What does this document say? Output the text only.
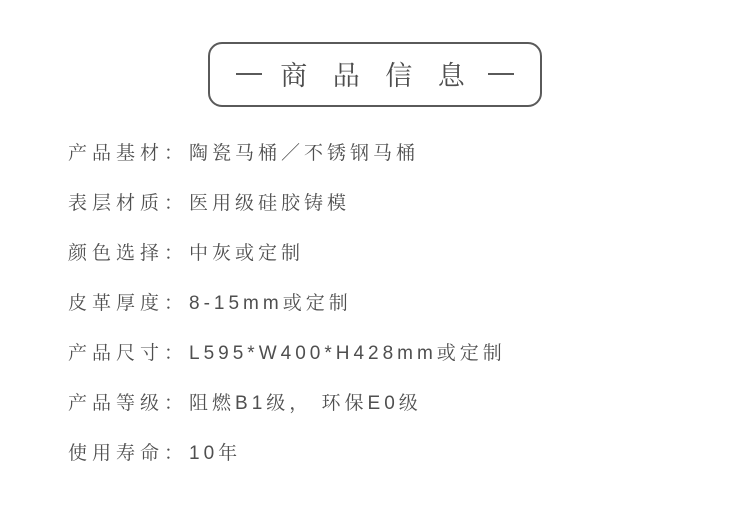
商 品 信 息
产品基材 ： 陶瓷马桶／不锈钢马桶
表层材质 ： 医用级硅胶铸模
颜色选择 ： 中灰或定制
皮革厚度 ： 8-15mm或定制
产品尺寸 ： L595*W400*H428mm或定制
产品等级 ： 阻燃B1级， 环保E0级
使用寿命 ： 10年
